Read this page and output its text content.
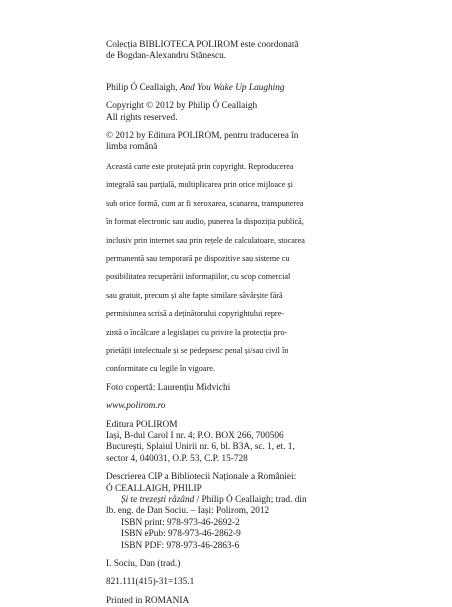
Colecția BIBLIOTECA POLIROM este coordonată

de Bogdan-Alexandru Stănescu.

Philip Ó Ceallaigh, And You Wake Up Laughing

Copyright © 2012 by Philip Ó Ceallaigh

All rights reserved.

© 2012 by Editura POLIROM, pentru traducerea în

limba română

Această carte este protejată prin copyright. Reproducerea

integrală sau parțială, multiplicarea prin orice mijloace și

sub orice formă, cum ar fi xeroxarea, scanarea, transpunerea

în format electronic sau audio, punerea la dispoziția publică,

inclusiv prin internet sau prin rețele de calculatoare, stocarea

permanentă sau temporară pe dispozitive sau sisteme cu

posibilitatea recuperării informațiilor, cu scop comercial

sau gratuit, precum și alte fapte similare săvârșite fără

permisiunea scrisă a deținătorului copyrightului repre-

zintă o încălcare a legislației cu privire la protecția pro-

prietății intelectuale și se pedepsesc penal și/sau civil în

conformitate cu legile în vigoare.

Foto copertă: Laurențiu Midvichi

www.polirom.ro

Editura POLIROM

Iași, B-dul Carol I nr. 4; P.O. BOX 266, 700506

București, Splaiul Unirii nr. 6, bl. B3A, sc. 1, et. 1,

sector 4, 040031, O.P. 53, C.P. 15-728

Descrierea CIP a Bibliotecii Naționale a României:

Ó CEALLAIGH, PHILIP

Și te trezești râzând / Philip Ó Ceallaigh; trad. din

lb. eng. de Dan Sociu. – Iași: Polirom, 2012

ISBN print: 978-973-46-2692-2

ISBN ePub: 978-973-46-2862-9

ISBN PDF: 978-973-46-2863-6

I. Sociu, Dan (trad.)

821.111(415)-31=135.1

Printed in ROMANIA
